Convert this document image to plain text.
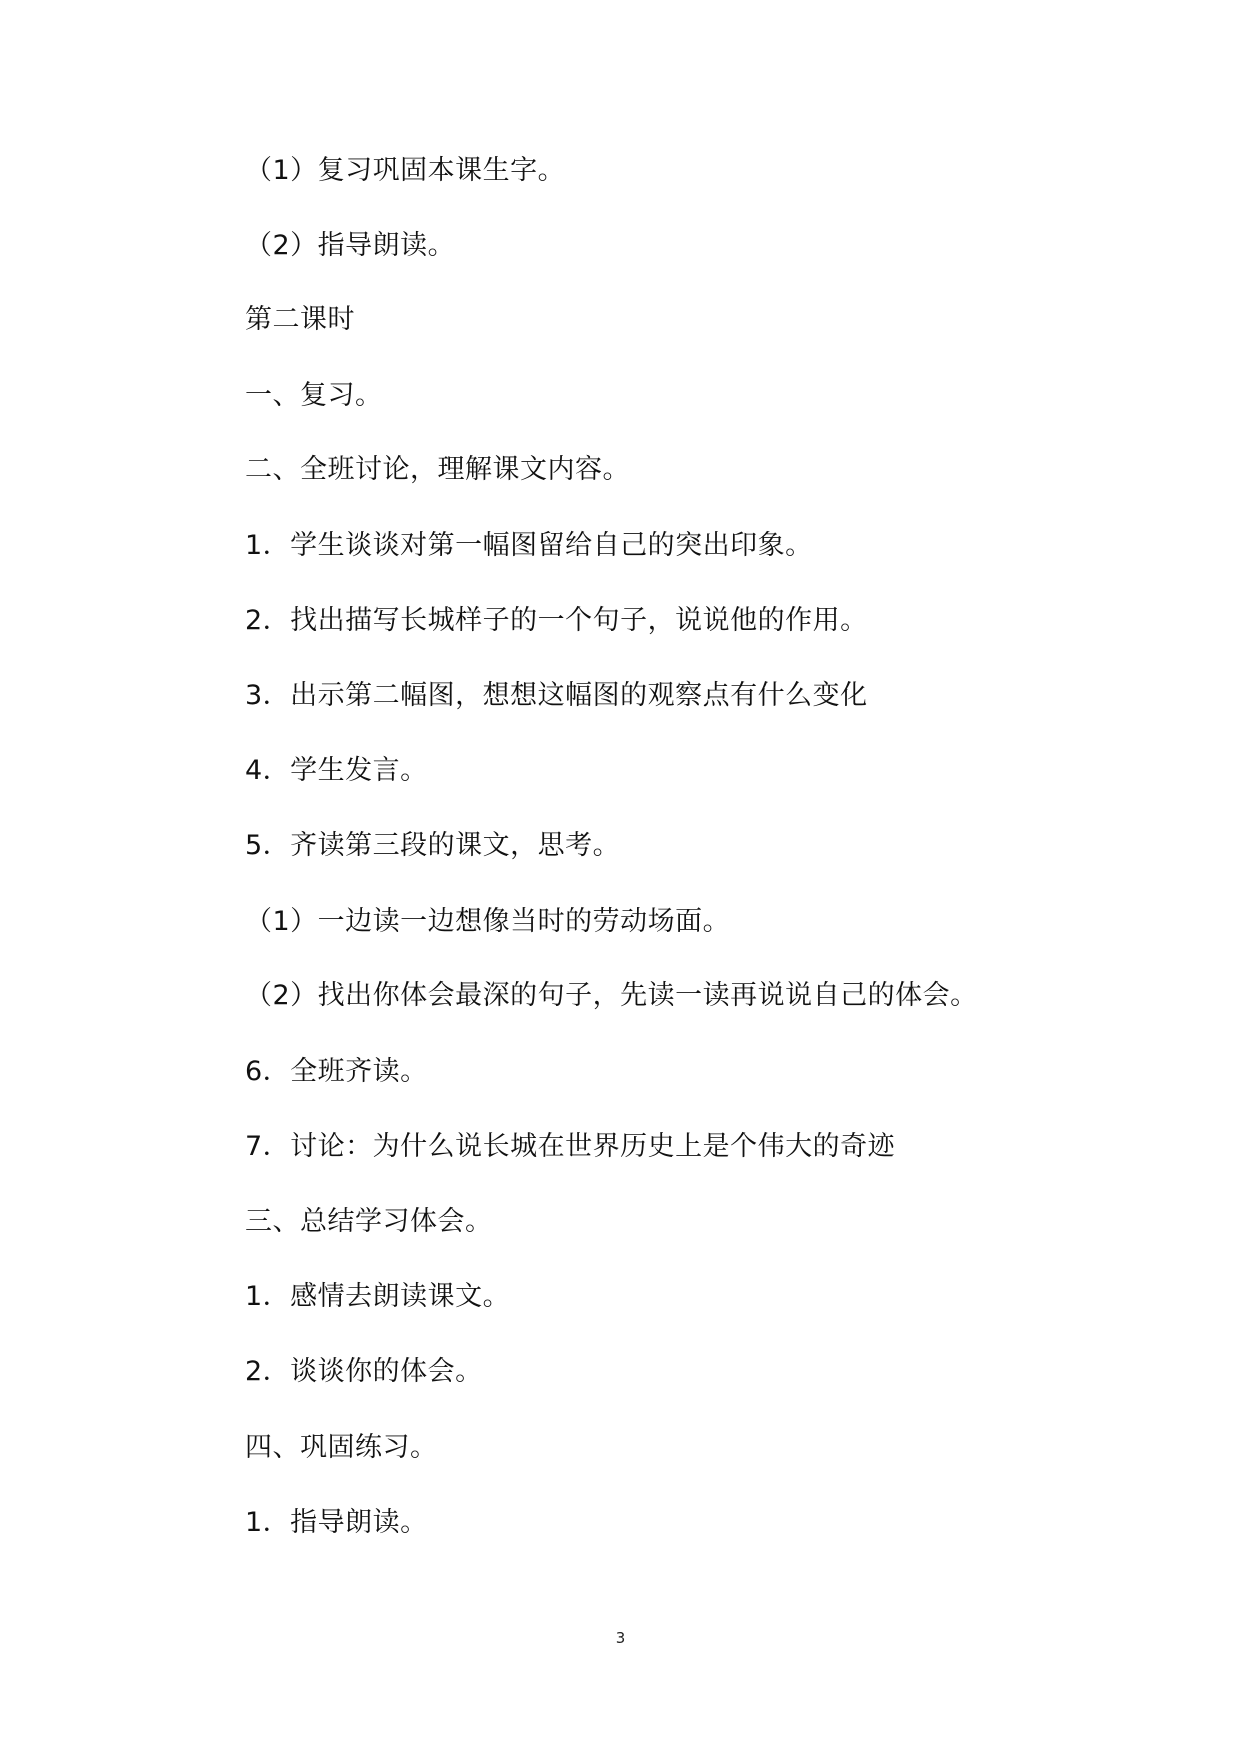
（1）复习巩固本课生字。
（2）指导朗读。
第二课时
一、复习。
二、全班讨论，理解课文内容。
1．学生谈谈对第一幅图留给自己的突出印象。
2．找出描写长城样子的一个句子，说说他的作用。
3．出示第二幅图，想想这幅图的观察点有什么变化
4．学生发言。
5．齐读第三段的课文，思考。
（1）一边读一边想像当时的劳动场面。
（2）找出你体会最深的句子，先读一读再说说自己的体会。
6．全班齐读。
7．讨论：为什么说长城在世界历史上是个伟大的奇迹
三、总结学习体会。
1．感情去朗读课文。
2．谈谈你的体会。
四、巩固练习。
1．指导朗读。
3
